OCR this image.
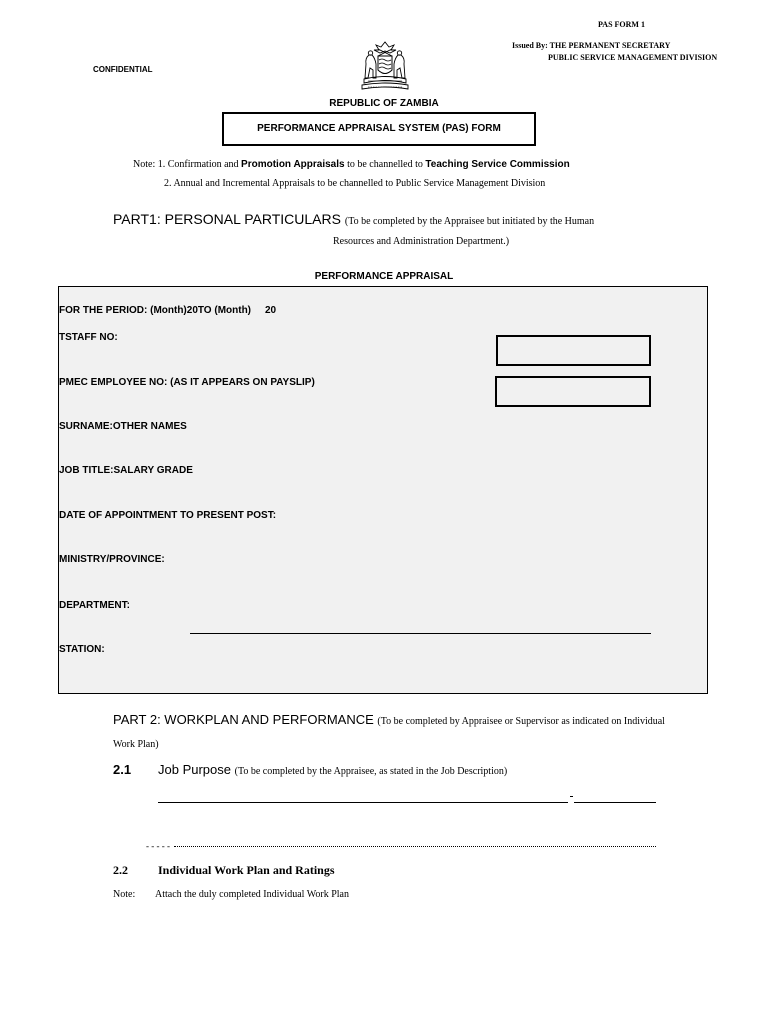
PAS FORM 1
Issued By: THE PERMANENT SECRETARY
PUBLIC SERVICE MANAGEMENT DIVISION
CONFIDENTIAL
REPUBLIC OF ZAMBIA
PERFORMANCE APPRAISAL SYSTEM (PAS) FORM
Note: 1. Confirmation and Promotion Appraisals to be channelled to Teaching Service Commission
2. Annual and Incremental Appraisals to be channelled to Public Service Management Division
PART1: PERSONAL PARTICULARS (To be completed by the Appraisee but initiated by the Human
Resources and Administration Department.)
PERFORMANCE APPRAISAL
FOR THE PERIOD: (Month)20TO (Month) 20
TSTAFF NO:
PMEC EMPLOYEE NO: (AS IT APPEARS ON PAYSLIP)
SURNAME:OTHER NAMES
JOB TITLE:SALARY GRADE
DATE OF APPOINTMENT TO PRESENT POST:
MINISTRY/PROVINCE:
DEPARTMENT:
STATION:
PART 2: WORKPLAN AND PERFORMANCE (To be completed by Appraisee or Supervisor as indicated on Individual
Work Plan)
2.1 Job Purpose (To be completed by the Appraisee, as stated in the Job Description)
- - - - -
2.2	Individual Work Plan and Ratings
Note: Attach the duly completed Individual Work Plan
